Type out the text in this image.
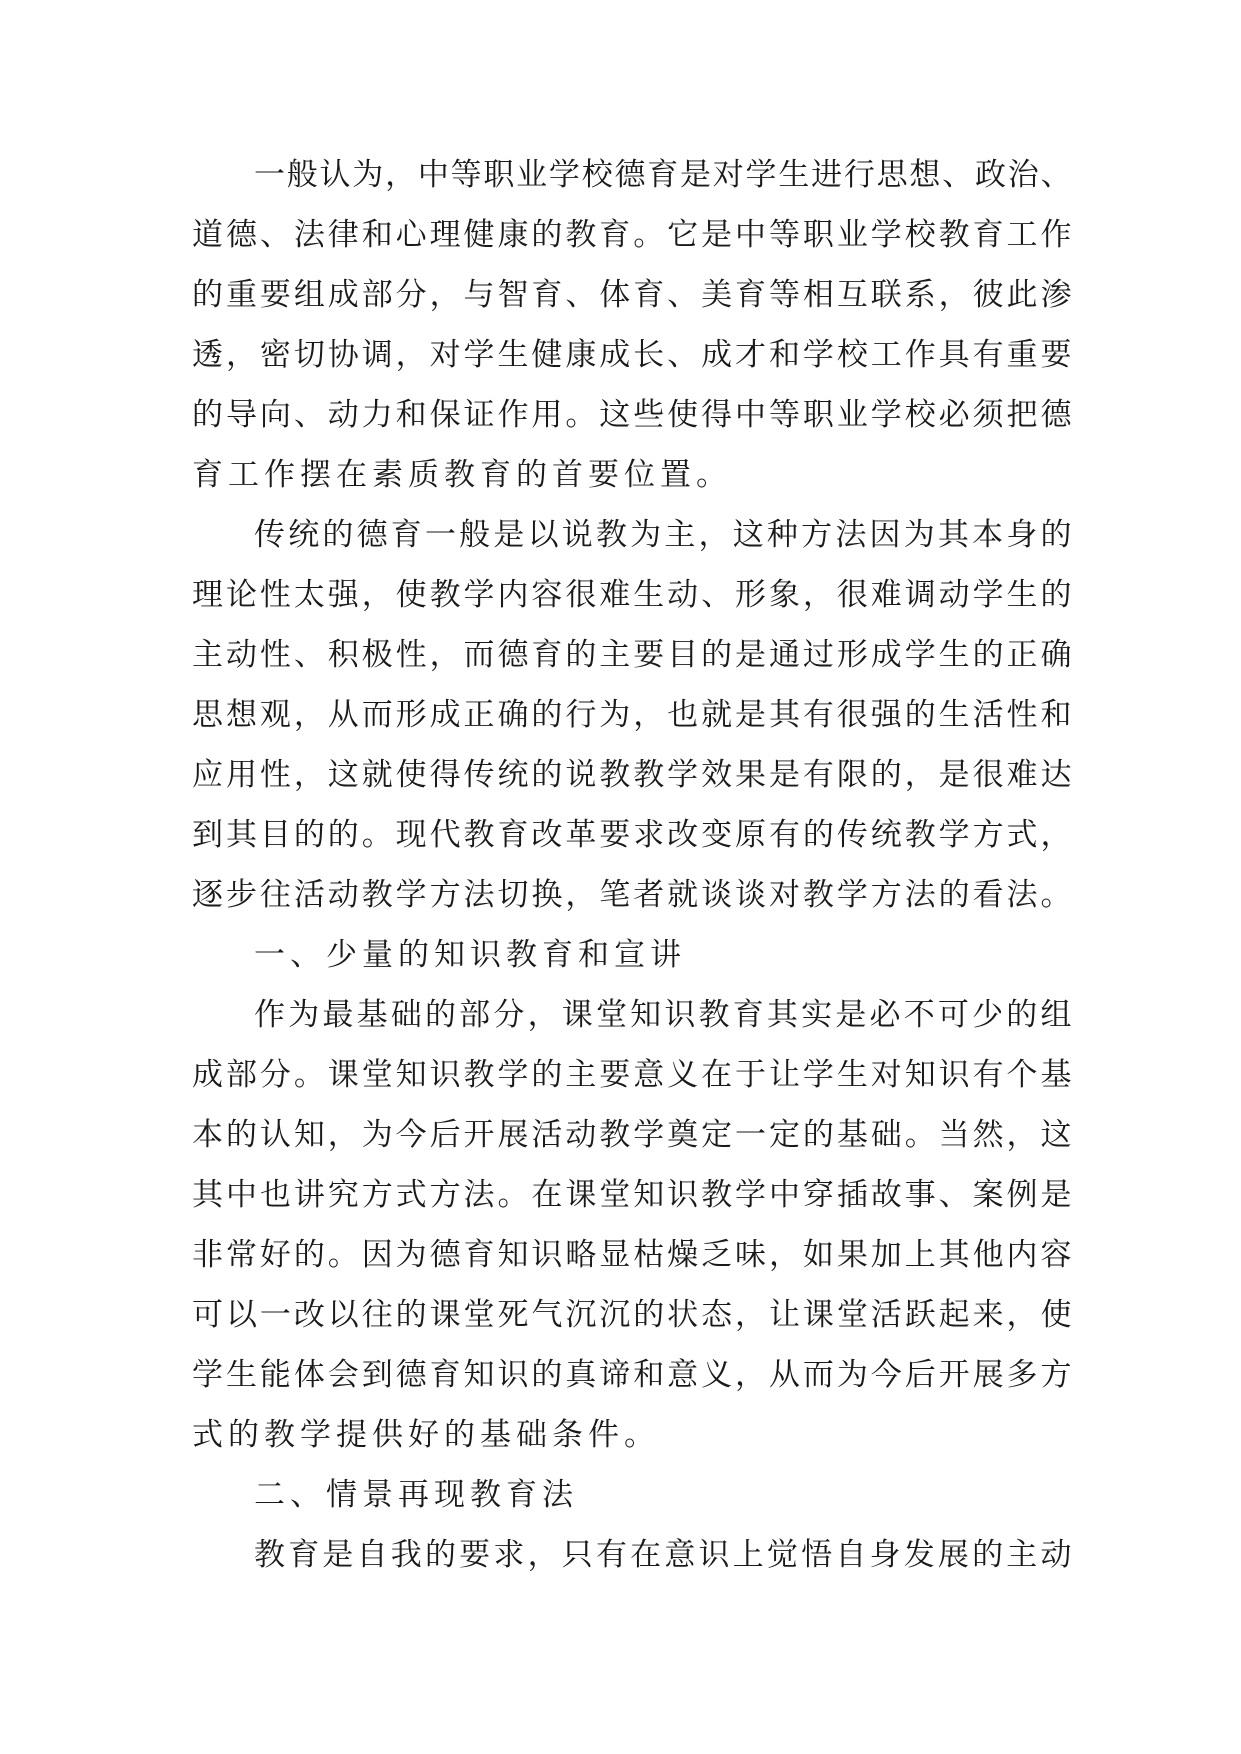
一般认为，中等职业学校德育是对学生进行思想、政治、
道德、法律和心理健康的教育。它是中等职业学校教育工作
的重要组成部分，与智育、体育、美育等相互联系，彼此渗
透，密切协调，对学生健康成长、成才和学校工作具有重要
的导向、动力和保证作用。这些使得中等职业学校必须把德
育工作摆在素质教育的首要位置。
传统的德育一般是以说教为主，这种方法因为其本身的
理论性太强，使教学内容很难生动、形象，很难调动学生的
主动性、积极性，而德育的主要目的是通过形成学生的正确
思想观，从而形成正确的行为，也就是其有很强的生活性和
应用性，这就使得传统的说教教学效果是有限的，是很难达
到其目的的。现代教育改革要求改变原有的传统教学方式，
逐步往活动教学方法切换，笔者就谈谈对教学方法的看法。
一、少量的知识教育和宣讲
作为最基础的部分，课堂知识教育其实是必不可少的组
成部分。课堂知识教学的主要意义在于让学生对知识有个基
本的认知，为今后开展活动教学奠定一定的基础。当然，这
其中也讲究方式方法。在课堂知识教学中穿插故事、案例是
非常好的。因为德育知识略显枯燥乏味，如果加上其他内容
可以一改以往的课堂死气沉沉的状态，让课堂活跃起来，使
学生能体会到德育知识的真谛和意义，从而为今后开展多方
式的教学提供好的基础条件。
二、情景再现教育法
教育是自我的要求，只有在意识上觉悟自身发展的主动
